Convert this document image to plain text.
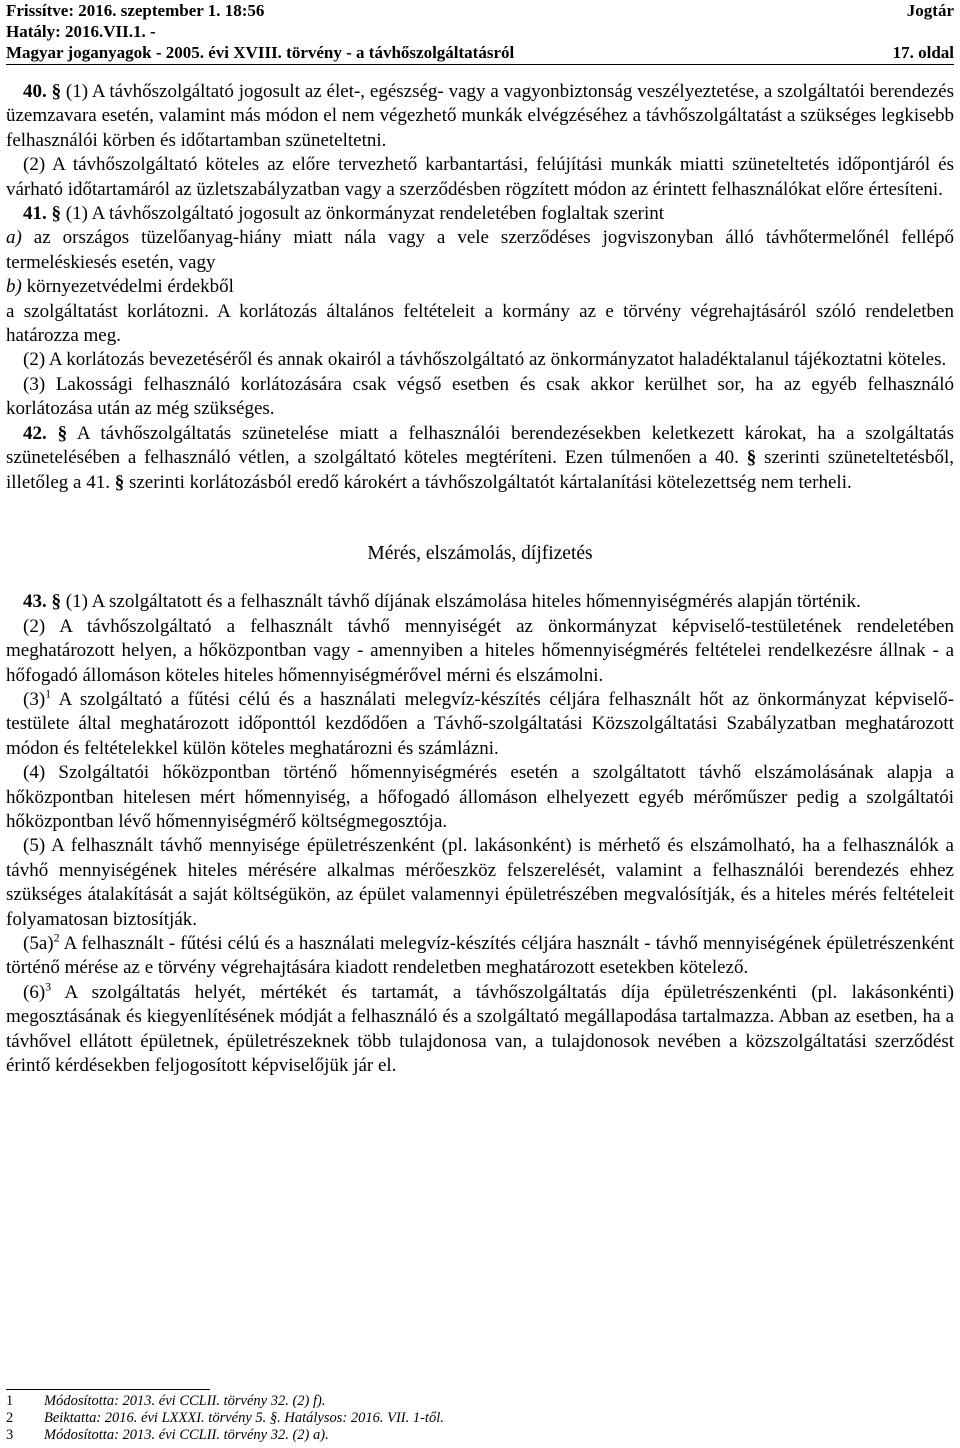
Frissítve: 2016. szeptember 1. 18:56	Jogtár
Hatály: 2016.VII.1. -
Magyar joganyagok - 2005. évi XVIII. törvény - a távhőszolgáltatásról	17. oldal

40. § (1) A távhőszolgáltató jogosult az élet-, egészség- vagy a vagyonbiztonság veszélyeztetése, a szolgáltatói berendezés üzemzavara esetén, valamint más módon el nem végezhető munkák elvégzéséhez a távhőszolgáltatást a szükséges legkisebb felhasználói körben és időtartamban szüneteltetni.

(2) A távhőszolgáltató köteles az előre tervezhető karbantartási, felújítási munkák miatti szüneteltetés időpontjáról és várható időtartamáról az üzletszabályzatban vagy a szerződésben rögzített módon az érintett felhasználókat előre értesíteni.

41. § (1) A távhőszolgáltató jogosult az önkormányzat rendeletében foglaltak szerint

a) az országos tüzelőanyag-hiány miatt nála vagy a vele szerződéses jogviszonyban álló távhőtermelőnél fellépő termeléskiesés esetén, vagy

b) környezetvédelmi érdekből

a szolgáltatást korlátozni. A korlátozás általános feltételeit a kormány az e törvény végrehajtásáról szóló rendeletben határozza meg.

(2) A korlátozás bevezetéséről és annak okairól a távhőszolgáltató az önkormányzatot haladéktalanul tájékoztatni köteles.

(3) Lakossági felhasználó korlátozására csak végső esetben és csak akkor kerülhet sor, ha az egyéb felhasználó korlátozása után az még szükséges.

42. § A távhőszolgáltatás szünetelése miatt a felhasználói berendezésekben keletkezett károkat, ha a szolgáltatás szünetelésében a felhasználó vétlen, a szolgáltató köteles megtéríteni. Ezen túlmenően a 40. § szerinti szüneteltetésből, illetőleg a 41. § szerinti korlátozásból eredő károkért a távhőszolgáltatót kártalanítási kötelezettség nem terheli.

Mérés, elszámolás, díjfizetés

43. § (1) A szolgáltatott és a felhasznált távhő díjának elszámolása hiteles hőmennyiségmérés alapján történik.

(2) A távhőszolgáltató a felhasznált távhő mennyiségét az önkormányzat képviselő-testületének rendeletében meghatározott helyen, a hőközpontban vagy - amennyiben a hiteles hőmennyiségmérés feltételei rendelkezésre állnak - a hőfogadó állomáson köteles hiteles hőmennyiségmérővel mérni és elszámolni.

$(3)^1$ A szolgáltató a fűtési célú és a használati melegvíz-készítés céljára felhasznált hőt az önkormányzat képviselő-testülete által meghatározott időponttól kezdődően a Távhő-szolgáltatási Közszolgáltatási Szabályzatban meghatározott módon és feltételekkel külön köteles meghatározni és számlázni.

(4) Szolgáltatói hőközpontban történő hőmennyiségmérés esetén a szolgáltatott távhő elszámolásának alapja a hőközpontban hitelesen mért hőmennyiség, a hőfogadó állomáson elhelyezett egyéb mérőműszer pedig a szolgáltatói hőközpontban lévő hőmennyiségmérő költségmegosztója.

(5) A felhasznált távhő mennyisége épületrészenként (pl. lakásonként) is mérhető és elszámolható, ha a felhasználók a távhő mennyiségének hiteles mérésére alkalmas mérőeszköz felszerelését, valamint a felhasználói berendezés ehhez szükséges átalakítását a saját költségükön, az épület valamennyi épületrészében megvalósítják, és a hiteles mérés feltételeit folyamatosan biztosítják.

$(5a)^2$ A felhasznált - fűtési célú és a használati melegvíz-készítés céljára használt - távhő mennyiségének épületrészenként történő mérése az e törvény végrehajtására kiadott rendeletben meghatározott esetekben kötelező.

$(6)^3$ A szolgáltatás helyét, mértékét és tartamát, a távhőszolgáltatás díja épületrészenkénti (pl. lakásonkénti) megosztásának és kiegyenlítésének módját a felhasználó és a szolgáltató megállapodása tartalmazza. Abban az esetben, ha a távhővel ellátott épületnek, épületrészeknek több tulajdonosa van, a tulajdonosok nevében a közszolgáltatási szerződést érintő kérdésekben feljogosított képviselőjük jár el.

1	Módosította: 2013. évi CCLII. törvény 32. (2) f).
2	Beiktatta: 2016. évi LXXXI. törvény 5. §. Hatálysos: 2016. VII. 1-től.
3	Módosította: 2013. évi CCLII. törvény 32. (2) a).
